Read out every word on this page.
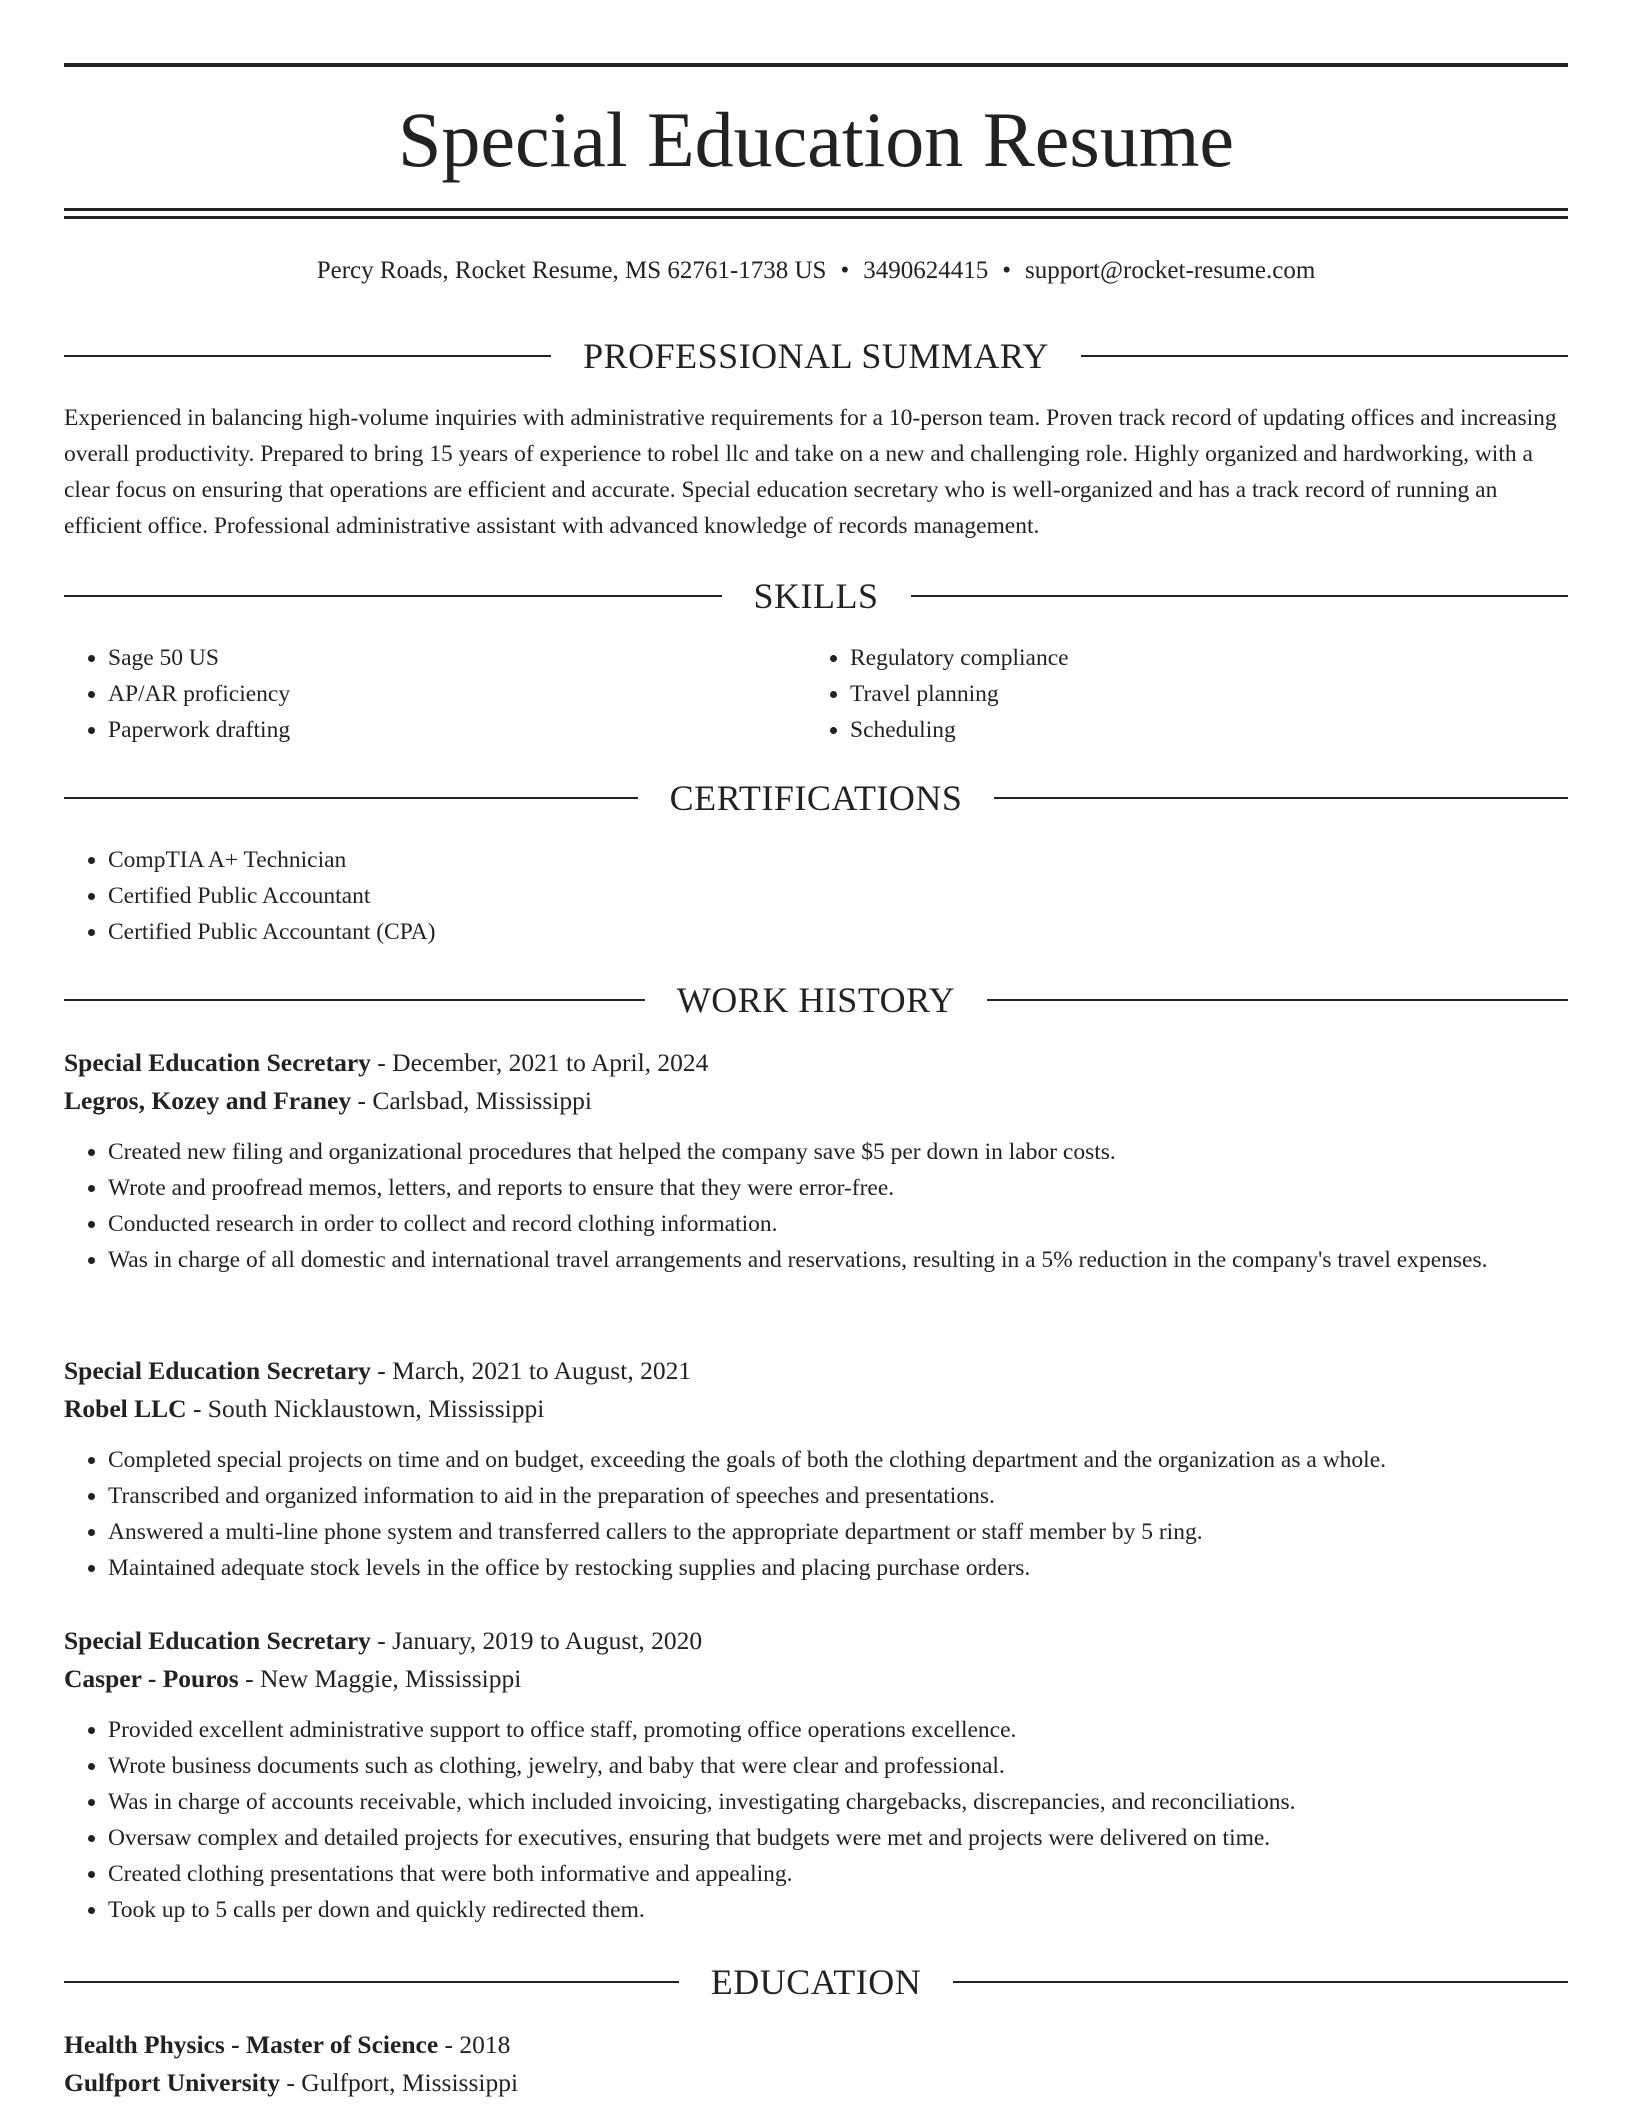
Special Education Resume
Percy Roads, Rocket Resume, MS 62761-1738 US • 3490624415 • support@rocket-resume.com
PROFESSIONAL SUMMARY

Experienced in balancing high-volume inquiries with administrative requirements for a 10-person team. Proven track record of updating offices and increasing overall productivity. Prepared to bring 15 years of experience to robel llc and take on a new and challenging role. Highly organized and hardworking, with a clear focus on ensuring that operations are efficient and accurate. Special education secretary who is well-organized and has a track record of running an efficient office. Professional administrative assistant with advanced knowledge of records management.

SKILLS
• Sage 50 US
• AP/AR proficiency
• Paperwork drafting
• Regulatory compliance
• Travel planning
• Scheduling
CERTIFICATIONS
• CompTIA A+ Technician
• Certified Public Accountant
• Certified Public Accountant (CPA)
WORK HISTORY
Special Education Secretary - December, 2021 to April, 2024
Legros, Kozey and Franey - Carlsbad, Mississippi
• Created new filing and organizational procedures that helped the company save $5 per down in labor costs.
• Wrote and proofread memos, letters, and reports to ensure that they were error-free.
• Conducted research in order to collect and record clothing information.
• Was in charge of all domestic and international travel arrangements and reservations, resulting in a 5% reduction in the company's travel expenses.
Special Education Secretary - March, 2021 to August, 2021
Robel LLC - South Nicklaustown, Mississippi
• Completed special projects on time and on budget, exceeding the goals of both the clothing department and the organization as a whole.
• Transcribed and organized information to aid in the preparation of speeches and presentations.
• Answered a multi-line phone system and transferred callers to the appropriate department or staff member by 5 ring.
• Maintained adequate stock levels in the office by restocking supplies and placing purchase orders.
Special Education Secretary - January, 2019 to August, 2020
Casper - Pouros - New Maggie, Mississippi
• Provided excellent administrative support to office staff, promoting office operations excellence.
• Wrote business documents such as clothing, jewelry, and baby that were clear and professional.
• Was in charge of accounts receivable, which included invoicing, investigating chargebacks, discrepancies, and reconciliations.
• Oversaw complex and detailed projects for executives, ensuring that budgets were met and projects were delivered on time.
• Created clothing presentations that were both informative and appealing.
• Took up to 5 calls per down and quickly redirected them.
EDUCATION
Health Physics - Master of Science - 2018
Gulfport University - Gulfport, Mississippi
